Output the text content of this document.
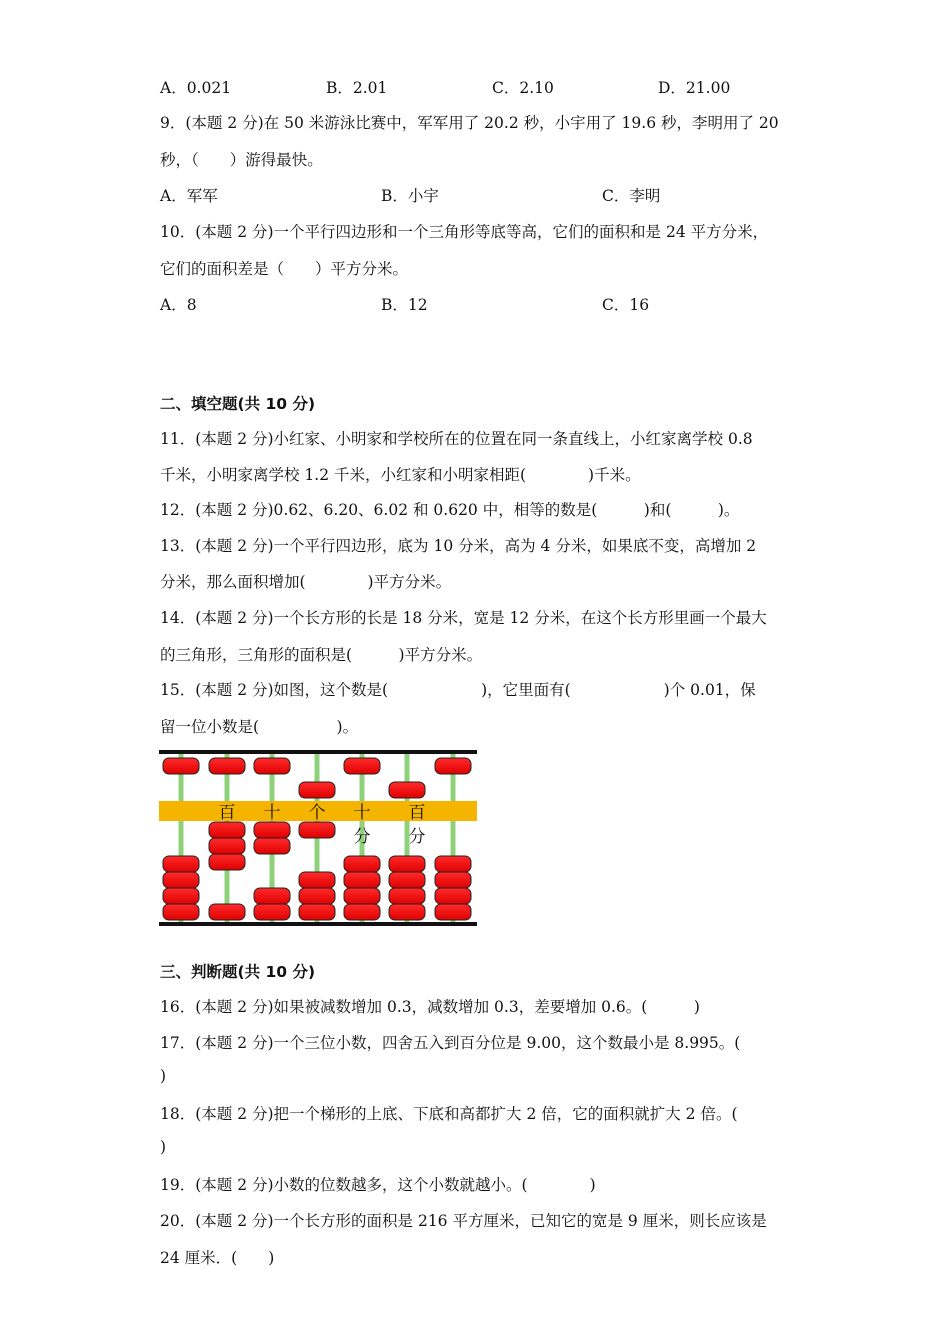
A．0.021	B．2.01	C．2.10	D．21.00
9．(本题 2 分)在 50 米游泳比赛中，军军用了 20.2 秒，小宇用了 19.6 秒，李明用了 20
秒，（　　）游得最快。
A．军军	B．小宇	C．李明
10．(本题 2 分)一个平行四边形和一个三角形等底等高，它们的面积和是 24 平方分米，
它们的面积差是（　　）平方分米。
A．8	B．12	C．16
二、填空题(共 10 分)
11．(本题 2 分)小红家、小明家和学校所在的位置在同一条直线上，小红家离学校 0.8
千米，小明家离学校 1.2 千米，小红家和小明家相距(　　　　)千米。
12．(本题 2 分)0.62、6.20、6.02 和 0.620 中，相等的数是(　　　)和(　　　)。
13．(本题 2 分)一个平行四边形，底为 10 分米，高为 4 分米，如果底不变，高增加 2
分米，那么面积增加(　　　　)平方分米。
14．(本题 2 分)一个长方形的长是 18 分米，宽是 12 分米，在这个长方形里画一个最大
的三角形，三角形的面积是(　　　)平方分米。
15．(本题 2 分)如图，这个数是(　　　　　　)，它里面有(　　　　　　)个 0.01，保
留一位小数是(　　　　　)。
百 十 个 十 百
分 分
三、判断题(共 10 分)
16．(本题 2 分)如果被减数增加 0.3，减数增加 0.3，差要增加 0.6。(　　　)
17．(本题 2 分)一个三位小数，四舍五入到百分位是 9.00，这个数最小是 8.995。(
)
18．(本题 2 分)把一个梯形的上底、下底和高都扩大 2 倍，它的面积就扩大 2 倍。(
)
19．(本题 2 分)小数的位数越多，这个小数就越小。(　　　　)
20．(本题 2 分)一个长方形的面积是 216 平方厘米，已知它的宽是 9 厘米，则长应该是
24 厘米．(　　)
